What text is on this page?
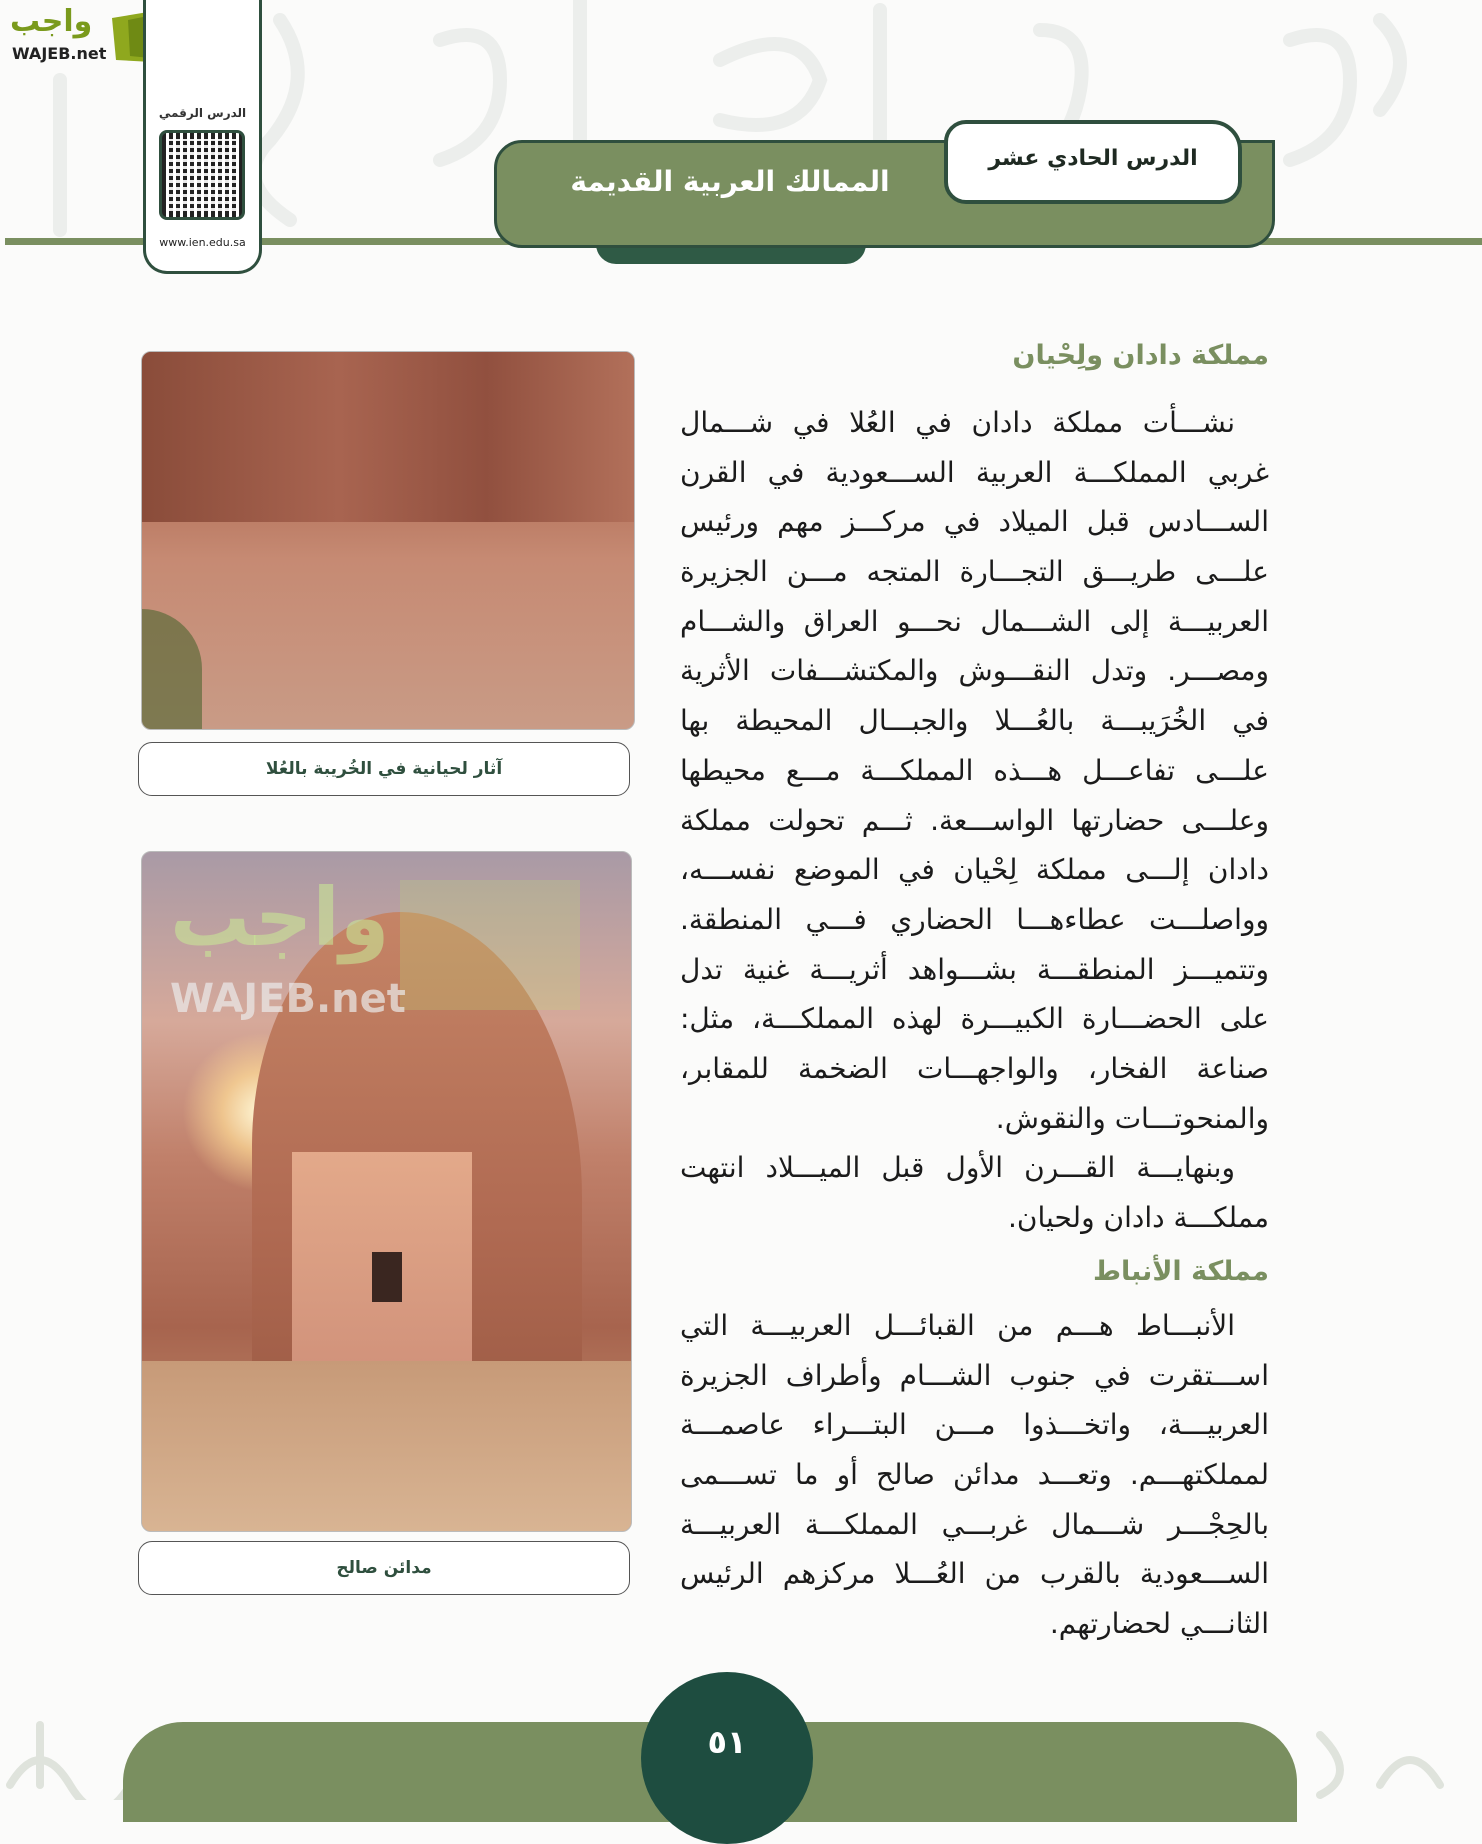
واجب
WAJEB.net
الدرس الرقمي
www.ien.edu.sa
الممالك العربية القديمة
الدرس الحادي عشر
مملكة دادان ولِحْيان
نشـــأت مملكة دادان في العُلا في شـــمال
غربي المملكـــة العربية الســـعودية في القرن
الســـادس قبل الميلاد في مركـــز مهم ورئيس
علـــى طريـــق التجـــارة المتجه مـــن الجزيرة
العربيـــة إلى الشـــمال نحـــو العراق والشـــام
ومصـــر. وتدل النقـــوش والمكتشـــفات الأثرية
في الخُرَيبـــة بالعُـــلا والجبـــال المحيطة بها
علـــى تفاعـــل هـــذه المملكـــة مـــع محيطها
وعلـــى حضارتها الواســـعة. ثـــم تحولت مملكة
دادان إلـــى مملكة لِحْيان في الموضع نفســـه،
وواصلـــت عطاءهـــا الحضاري فـــي المنطقة.
وتتميـــز المنطقـــة بشـــواهد أثريـــة غنية تدل
على الحضـــارة الكبيـــرة لهذه المملكـــة، مثل:
صناعة الفخار، والواجهـــات الضخمة للمقابر،
والمنحوتـــات والنقوش.
وبنهايـــة القـــرن الأول قبل الميـــلاد انتهت
مملكـــة دادان ولحيان.
مملكة الأنباط
الأنبـــاط هـــم من القبائـــل العربيـــة التي
اســـتقرت في جنوب الشـــام وأطراف الجزيرة
العربيـــة، واتخـــذوا مـــن البتـــراء عاصمـــة
لمملكتهـــم. وتعـــد مدائن صالح أو ما تســـمى
بالحِجْـــر شـــمال غربـــي المملكـــة العربيـــة
الســـعودية بالقرب من العُـــلا مركزهم الرئيس
الثانـــي لحضارتهم.
آثار لحيانية في الخُريبة بالعُلا
مدائن صالح
واجب
WAJEB.net
٥١
